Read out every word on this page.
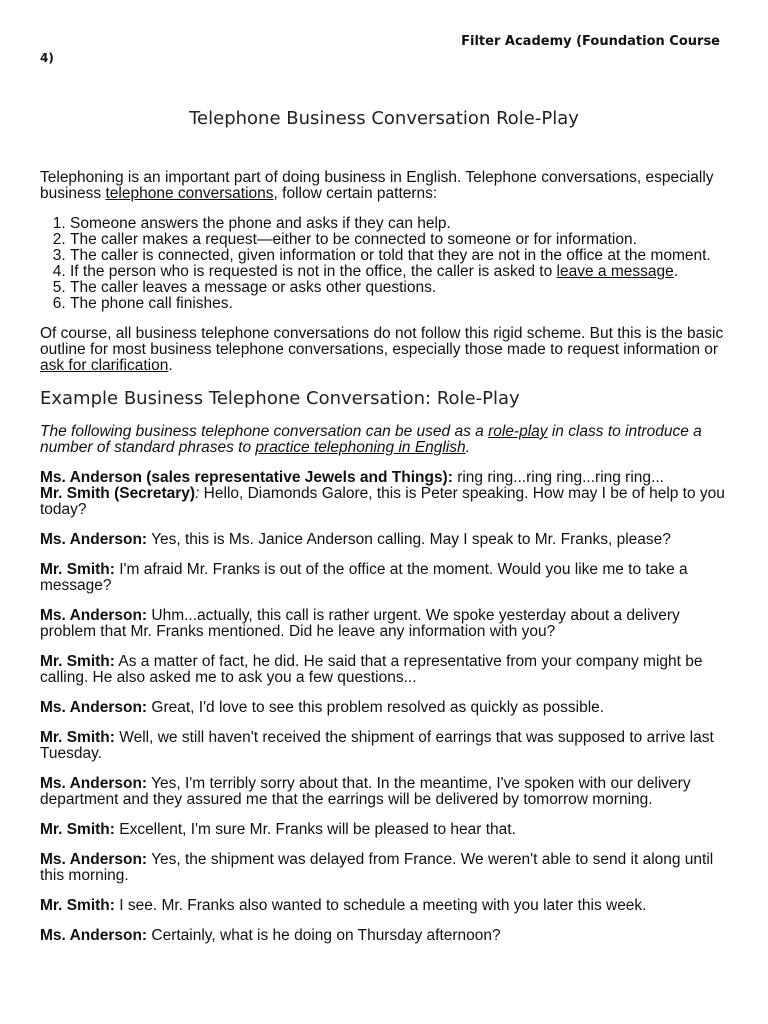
Filter Academy (Foundation Course
4)
Telephone Business Conversation Role-Play

Telephoning is an important part of doing business in English. Telephone conversations, especially business telephone conversations, follow certain patterns:

1. Someone answers the phone and asks if they can help.
2. The caller makes a request—either to be connected to someone or for information.
3. The caller is connected, given information or told that they are not in the office at the moment.
4. If the person who is requested is not in the office, the caller is asked to leave a message.
5. The caller leaves a message or asks other questions.
6. The phone call finishes.

Of course, all business telephone conversations do not follow this rigid scheme. But this is the basic outline for most business telephone conversations, especially those made to request information or ask for clarification.

Example Business Telephone Conversation: Role-Play

The following business telephone conversation can be used as a role-play in class to introduce a number of standard phrases to practice telephoning in English.

Ms. Anderson (sales representative Jewels and Things): ring ring...ring ring...ring ring...

Mr. Smith (Secretary): Hello, Diamonds Galore, this is Peter speaking. How may I be of help to you today?

Ms. Anderson: Yes, this is Ms. Janice Anderson calling. May I speak to Mr. Franks, please?

Mr. Smith: I'm afraid Mr. Franks is out of the office at the moment. Would you like me to take a message?

Ms. Anderson: Uhm...actually, this call is rather urgent. We spoke yesterday about a delivery problem that Mr. Franks mentioned. Did he leave any information with you?

Mr. Smith: As a matter of fact, he did. He said that a representative from your company might be calling. He also asked me to ask you a few questions...

Ms. Anderson: Great, I'd love to see this problem resolved as quickly as possible.

Mr. Smith: Well, we still haven't received the shipment of earrings that was supposed to arrive last Tuesday.

Ms. Anderson: Yes, I'm terribly sorry about that. In the meantime, I've spoken with our delivery department and they assured me that the earrings will be delivered by tomorrow morning.

Mr. Smith: Excellent, I'm sure Mr. Franks will be pleased to hear that.

Ms. Anderson: Yes, the shipment was delayed from France. We weren't able to send it along until this morning.

Mr. Smith: I see. Mr. Franks also wanted to schedule a meeting with you later this week.

Ms. Anderson: Certainly, what is he doing on Thursday afternoon?
